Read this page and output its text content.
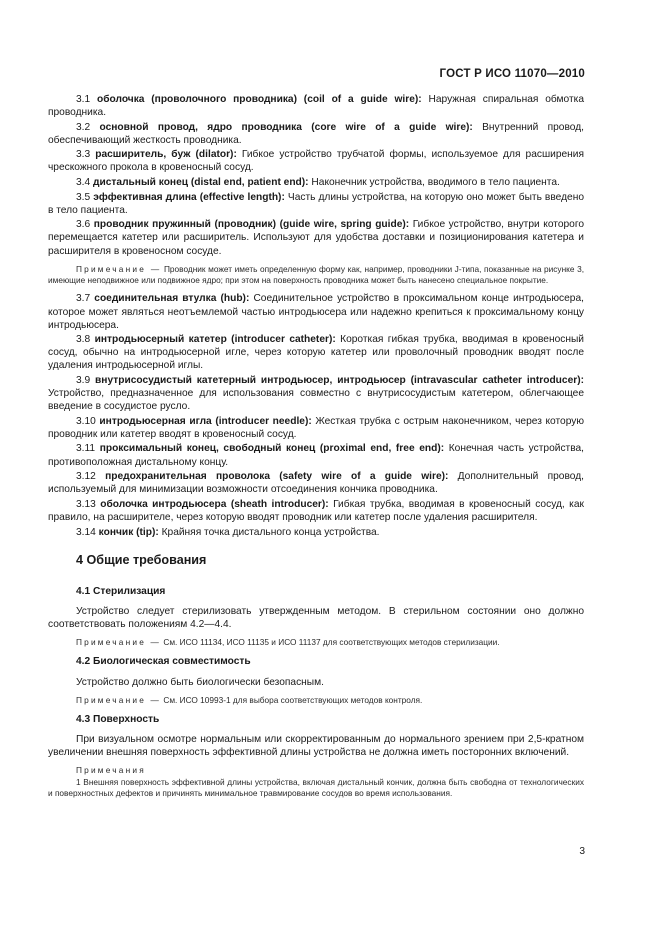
ГОСТ Р ИСО 11070—2010

3.1 оболочка (проволочного проводника) (coil of a guide wire): Наружная спиральная обмотка проводника.

3.2 основной провод, ядро проводника (core wire of a guide wire): Внутренний провод, обеспечивающий жесткость проводника.

3.3 расширитель, буж (dilator): Гибкое устройство трубчатой формы, используемое для расширения чрескожного прокола в кровеносный сосуд.

3.4 дистальный конец (distal end, patient end): Наконечник устройства, вводимого в тело пациента.

3.5 эффективная длина (effective length): Часть длины устройства, на которую оно может быть введено в тело пациента.

3.6 проводник пружинный (проводник) (guide wire, spring guide): Гибкое устройство, внутри которого перемещается катетер или расширитель. Используют для удобства доставки и позиционирования катетера и расширителя в кровеносном сосуде.

Примечание — Проводник может иметь определенную форму как, например, проводники J-типа, показанные на рисунке 3, имеющие неподвижное или подвижное ядро; при этом на поверхность проводника может быть нанесено специальное покрытие.

3.7 соединительная втулка (hub): Соединительное устройство в проксимальном конце интродьюсера, которое может являться неотъемлемой частью интродьюсера или надежно крепиться к проксимальному концу интродьюсера.

3.8 интродьюсерный катетер (introducer catheter): Короткая гибкая трубка, вводимая в кровеносный сосуд, обычно на интродьюсерной игле, через которую катетер или проволочный проводник вводят после удаления интродьюсерной иглы.

3.9 внутрисосудистый катетерный интродьюсер, интродьюсер (intravascular catheter introducer): Устройство, предназначенное для использования совместно с внутрисосудистым катетером, облегчающее введение в сосудистое русло.

3.10 интродьюсерная игла (introducer needle): Жесткая трубка с острым наконечником, через которую проводник или катетер вводят в кровеносный сосуд.

3.11 проксимальный конец, свободный конец (proximal end, free end): Конечная часть устройства, противоположная дистальному концу.

3.12 предохранительная проволока (safety wire of a guide wire): Дополнительный провод, используемый для минимизации возможности отсоединения кончика проводника.

3.13 оболочка интродьюсера (sheath introducer): Гибкая трубка, вводимая в кровеносный сосуд, как правило, на расширителе, через которую вводят проводник или катетер после удаления расширителя.

3.14 кончик (tip): Крайняя точка дистального конца устройства.

4 Общие требования
4.1 Стерилизация

Устройство следует стерилизовать утвержденным методом. В стерильном состоянии оно должно соответствовать положениям 4.2—4.4.

Примечание — См. ИСО 11134, ИСО 11135 и ИСО 11137 для соответствующих методов стерилизации.

4.2 Биологическая совместимость

Устройство должно быть биологически безопасным.

Примечание — См. ИСО 10993-1 для выбора соответствующих методов контроля.

4.3 Поверхность

При визуальном осмотре нормальным или скорректированным до нормального зрением при 2,5-кратном увеличении внешняя поверхность эффективной длины устройства не должна иметь посторонних включений.

Примечания

1 Внешняя поверхность эффективной длины устройства, включая дистальный кончик, должна быть свободна от технологических и поверхностных дефектов и причинять минимальное травмирование сосудов во время использования.

3
